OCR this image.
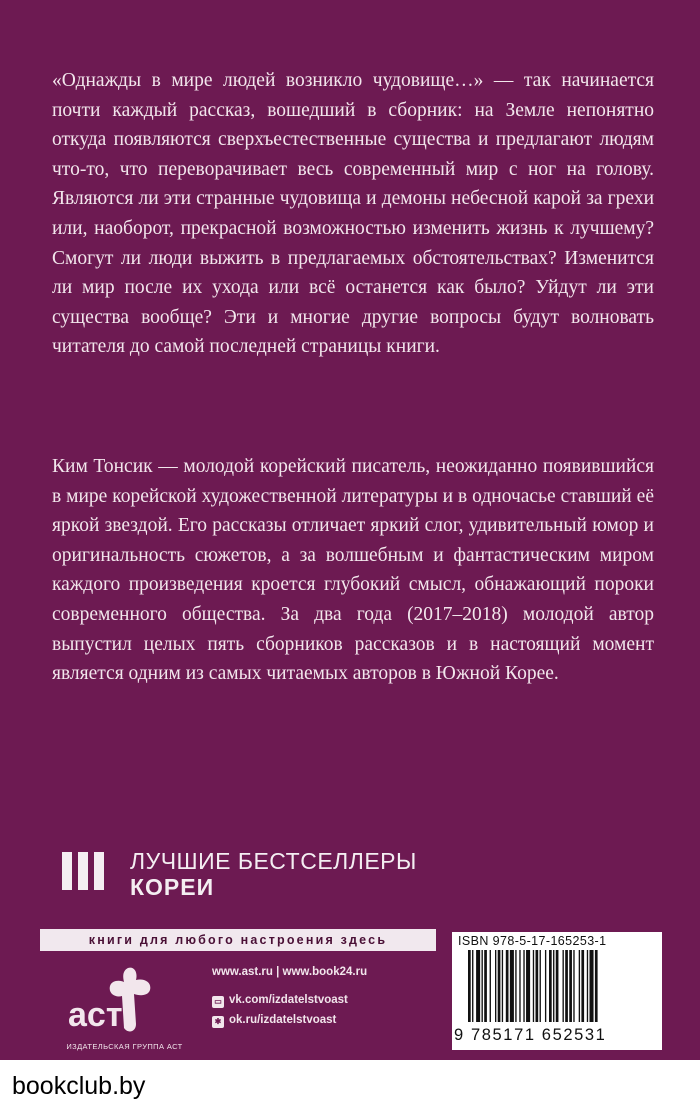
«Однажды в мире людей возникло чудовище…» — так начинается почти каждый рассказ, вошедший в сборник: на Земле непонятно откуда появляются сверхъестественные существа и предлагают людям что-то, что переворачивает весь современный мир с ног на голову. Являются ли эти странные чудовища и демоны небесной карой за грехи или, наоборот, прекрасной возможностью изменить жизнь к лучшему? Смогут ли люди выжить в предлагаемых обстоятельствах? Изменится ли мир после их ухода или всё останется как было? Уйдут ли эти существа вообще? Эти и многие другие вопросы будут волновать читателя до самой последней страницы книги.

Ким Тонсик — молодой корейский писатель, неожиданно появившийся в мире корейской художественной литературы и в одночасье ставший её яркой звездой. Его рассказы отличает яркий слог, удивительный юмор и оригинальность сюжетов, а за волшебным и фантастическим миром каждого произведения кроется глубокий смысл, обнажающий пороки современного общества. За два года (2017–2018) молодой автор выпустил целых пять сборников рассказов и в настоящий момент является одним из самых читаемых авторов в Южной Корее.

ЛУЧШИЕ БЕСТСЕЛЛЕРЫ
КОРЕИ
книги для любого настроения здесь
аст
ИЗДАТЕЛЬСКАЯ ГРУППА АСТ
www.ast.ru | www.book24.ru
▭ vk.com/izdatelstvoast
✱ ok.ru/izdatelstvoast
ISBN 978-5-17-165253-1
9 785171 652531
bookclub.by
